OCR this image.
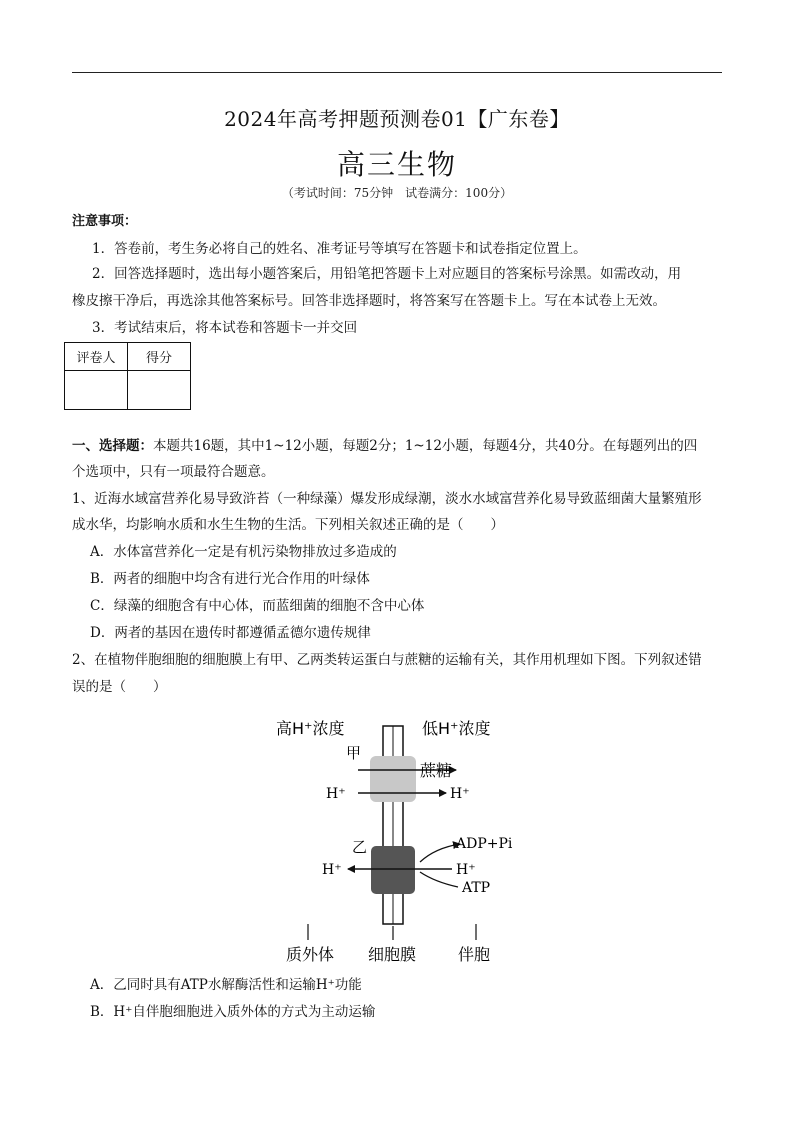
2024年高考押题预测卷01【广东卷】
高三生物
（考试时间：75分钟　试卷满分：100分）
注意事项：
1．答卷前，考生务必将自己的姓名、准考证号等填写在答题卡和试卷指定位置上。
2．回答选择题时，选出每小题答案后，用铅笔把答题卡上对应题目的答案标号涂黑。如需改动，用
橡皮擦干净后，再选涂其他答案标号。回答非选择题时，将答案写在答题卡上。写在本试卷上无效。
3．考试结束后，将本试卷和答题卡一并交回
评卷人	得分

一、选择题：本题共16题，其中1~12小题，每题2分；1~12小题，每题4分，共40分。在每题列出的四
个选项中，只有一项最符合题意。
1、近海水域富营养化易导致浒苔（一种绿藻）爆发形成绿潮，淡水水域富营养化易导致蓝细菌大量繁殖形
成水华，均影响水质和水生生物的生活。下列相关叙述正确的是（　　）
A．水体富营养化一定是有机污染物排放过多造成的
B．两者的细胞中均含有进行光合作用的叶绿体
C．绿藻的细胞含有中心体，而蓝细菌的细胞不含中心体
D．两者的基因在遗传时都遵循孟德尔遗传规律
2、在植物伴胞细胞的细胞膜上有甲、乙两类转运蛋白与蔗糖的运输有关，其作用机理如下图。下列叙述错
误的是（　　）
高H⁺浓度	低H⁺浓度
甲
蔗糖
H⁺	H⁺
乙	ADP+Pi
H⁺	H⁺
ATP
质外体 细胞膜	伴胞
A．乙同时具有ATP水解酶活性和运输H⁺功能
B．H⁺自伴胞细胞进入质外体的方式为主动运输
